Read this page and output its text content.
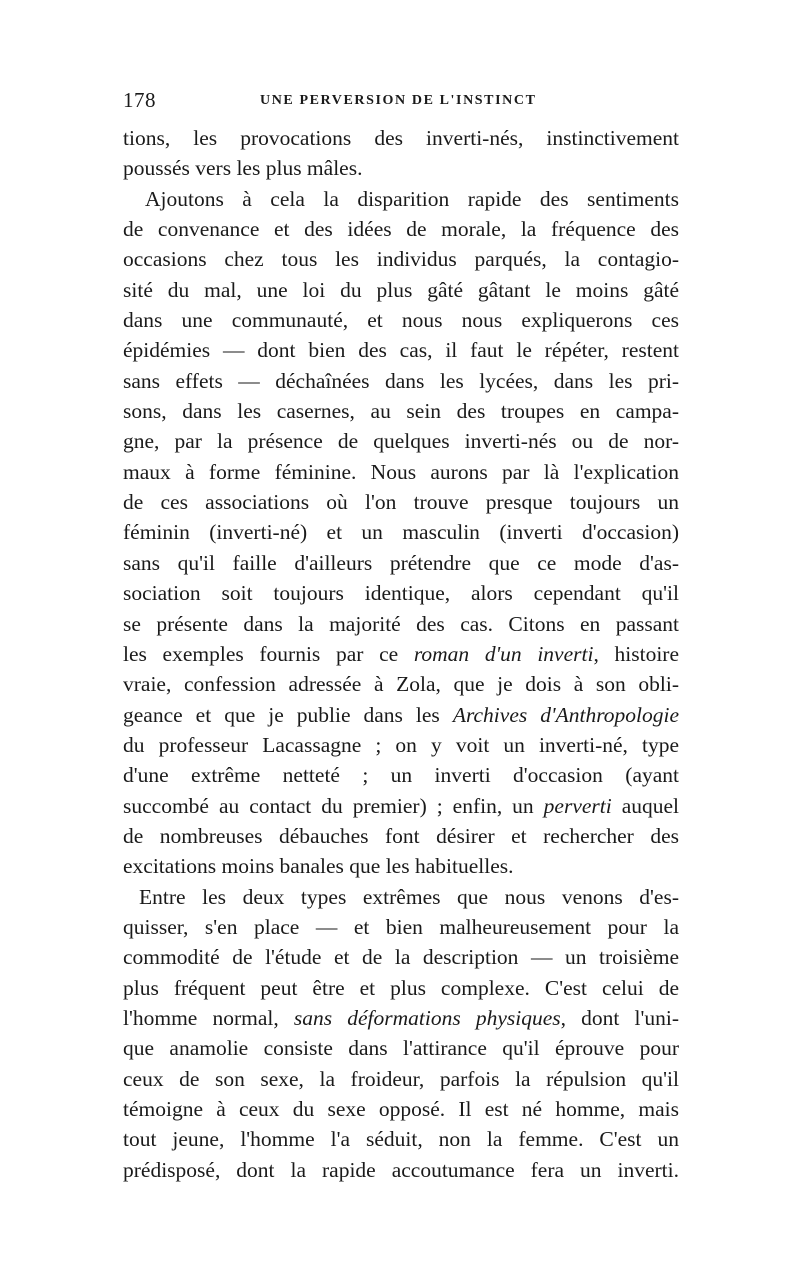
178	UNE PERVERSION DE L'INSTINCT
tions, les provocations des inverti-nés, instinctivement
poussés vers les plus mâles.
Ajoutons à cela la disparition rapide des sentiments
de convenance et des idées de morale, la fréquence des
occasions chez tous les individus parqués, la contagio-
sité du mal, une loi du plus gâté gâtant le moins gâté
dans une communauté, et nous nous expliquerons ces
épidémies — dont bien des cas, il faut le répéter, restent
sans effets — déchaînées dans les lycées, dans les pri-
sons, dans les casernes, au sein des troupes en campa-
gne, par la présence de quelques inverti-nés ou de nor-
maux à forme féminine. Nous aurons par là l'explication
de ces associations où l'on trouve presque toujours un
féminin (inverti-né) et un masculin (inverti d'occasion)
sans qu'il faille d'ailleurs prétendre que ce mode d'as-
sociation soit toujours identique, alors cependant qu'il
se présente dans la majorité des cas. Citons en passant
les exemples fournis par ce roman d'un inverti, histoire
vraie, confession adressée à Zola, que je dois à son obli-
geance et que je publie dans les Archives d'Anthropologie
du professeur Lacassagne ; on y voit un inverti-né, type
d'une extrême netteté ; un inverti d'occasion (ayant
succombé au contact du premier) ; enfin, un perverti auquel
de nombreuses débauches font désirer et rechercher des
excitations moins banales que les habituelles.
Entre les deux types extrêmes que nous venons d'es-
quisser, s'en place — et bien malheureusement pour la
commodité de l'étude et de la description — un troisième
plus fréquent peut être et plus complexe. C'est celui de
l'homme normal, sans déformations physiques, dont l'uni-
que anamolie consiste dans l'attirance qu'il éprouve pour
ceux de son sexe, la froideur, parfois la répulsion qu'il
témoigne à ceux du sexe opposé. Il est né homme, mais
tout jeune, l'homme l'a séduit, non la femme. C'est un
prédisposé, dont la rapide accoutumance fera un inverti.
